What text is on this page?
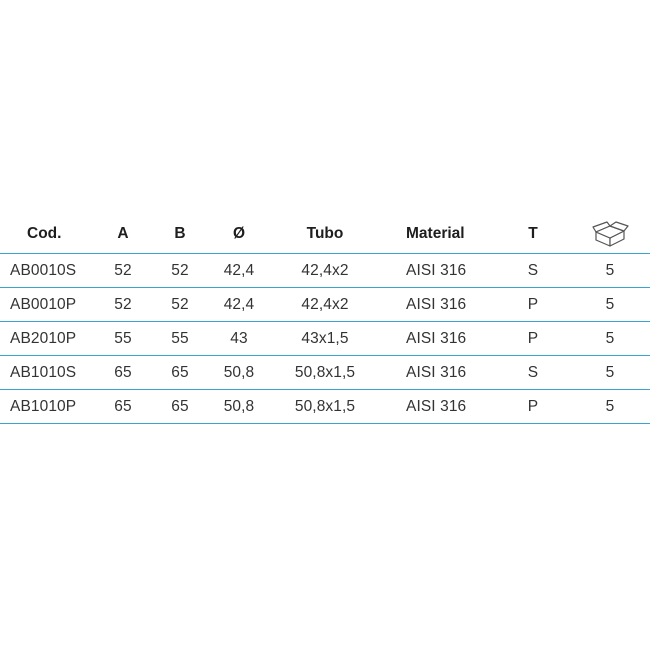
Cod.	A	B	Ø	Tubo	Material	T
AB0010S	52	52	42,4	42,4x2	AISI 316	S	5
AB0010P	52	52	42,4	42,4x2	AISI 316	P	5
AB2010P	55	55	43	43x1,5	AISI 316	P	5
AB1010S	65	65	50,8	50,8x1,5	AISI 316	S	5
AB1010P	65	65	50,8	50,8x1,5	AISI 316	P	5
